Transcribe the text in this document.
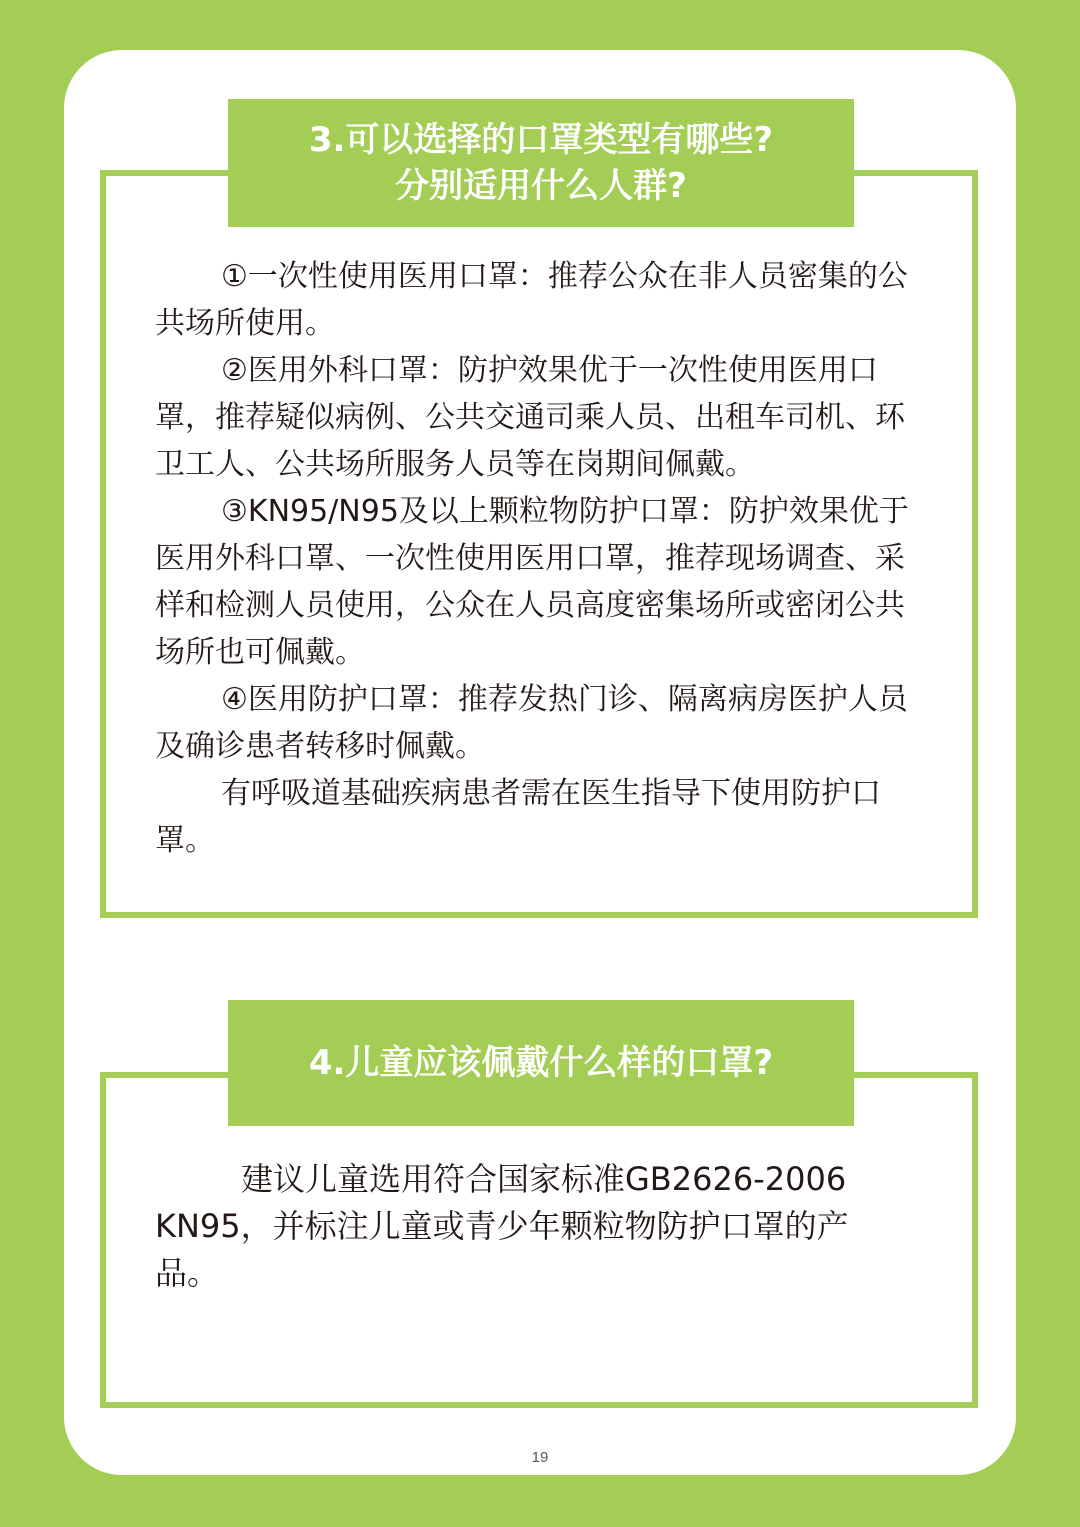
3.可以选择的口罩类型有哪些?
分别适用什么人群?

①一次性使用医用口罩：推荐公众在非人员密集的公共场所使用。

②医用外科口罩：防护效果优于一次性使用医用口罩，推荐疑似病例、公共交通司乘人员、出租车司机、环卫工人、公共场所服务人员等在岗期间佩戴。

③KN95/N95及以上颗粒物防护口罩：防护效果优于医用外科口罩、一次性使用医用口罩，推荐现场调查、采样和检测人员使用，公众在人员高度密集场所或密闭公共场所也可佩戴。

④医用防护口罩：推荐发热门诊、隔离病房医护人员及确诊患者转移时佩戴。

有呼吸道基础疾病患者需在医生指导下使用防护口罩。

4.儿童应该佩戴什么样的口罩?

建议儿童选用符合国家标准GB2626-2006 KN95，并标注儿童或青少年颗粒物防护口罩的产品。

19
